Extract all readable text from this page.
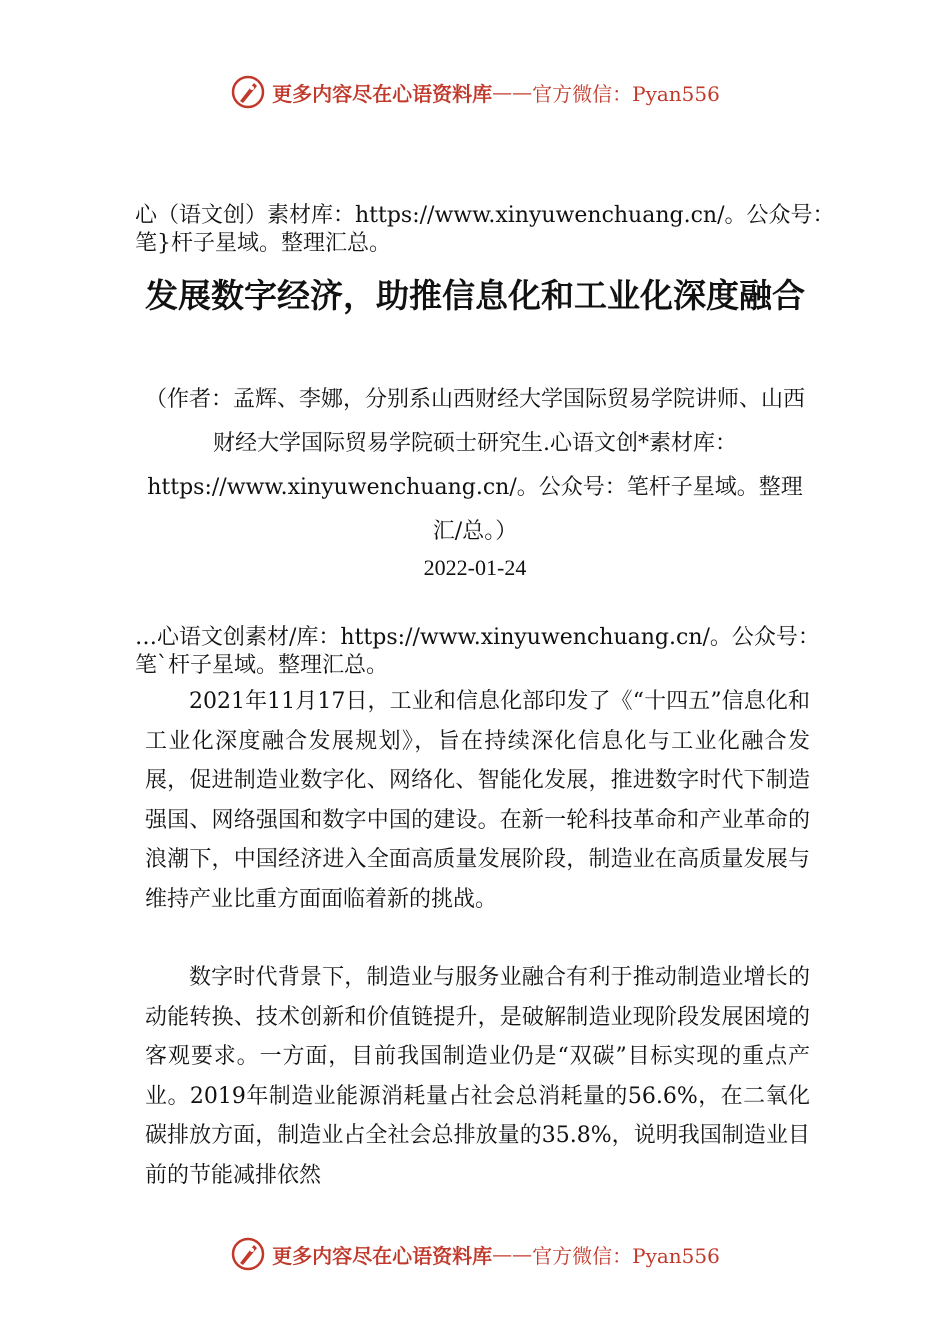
更多内容尽在心语资料库 —— 官方微信：Pyan556
心（语文创）素材库：https://www.xinyuwenchuang.cn/。公众号：笔}杆子星域。整理汇总。
发展数字经济，助推信息化和工业化深度融合
（作者：孟辉、李娜，分别系山西财经大学国际贸易学院讲师、山西财经大学国际贸易学院硕士研究生.心语文创*素材库：https://www.xinyuwenchuang.cn/。公众号：笔杆子星域。整理汇/总。）
2022-01-24
…心语文创素材/库：https://www.xinyuwenchuang.cn/。公众号：笔`杆子星域。整理汇总。

2021年11月17日，工业和信息化部印发了《“十四五”信息化和工业化深度融合发展规划》，旨在持续深化信息化与工业化融合发展，促进制造业数字化、网络化、智能化发展，推进数字时代下制造强国、网络强国和数字中国的建设。在新一轮科技革命和产业革命的浪潮下，中国经济进入全面高质量发展阶段，制造业在高质量发展与维持产业比重方面面临着新的挑战。

数字时代背景下，制造业与服务业融合有利于推动制造业增长的动能转换、技术创新和价值链提升，是破解制造业现阶段发展困境的客观要求。一方面，目前我国制造业仍是“双碳”目标实现的重点产业。2019年制造业能源消耗量占社会总消耗量的56.6%，在二氧化碳排放方面，制造业占全社会总排放量的35.8%，说明我国制造业目前的节能减排依然

更多内容尽在心语资料库 —— 官方微信：Pyan556
